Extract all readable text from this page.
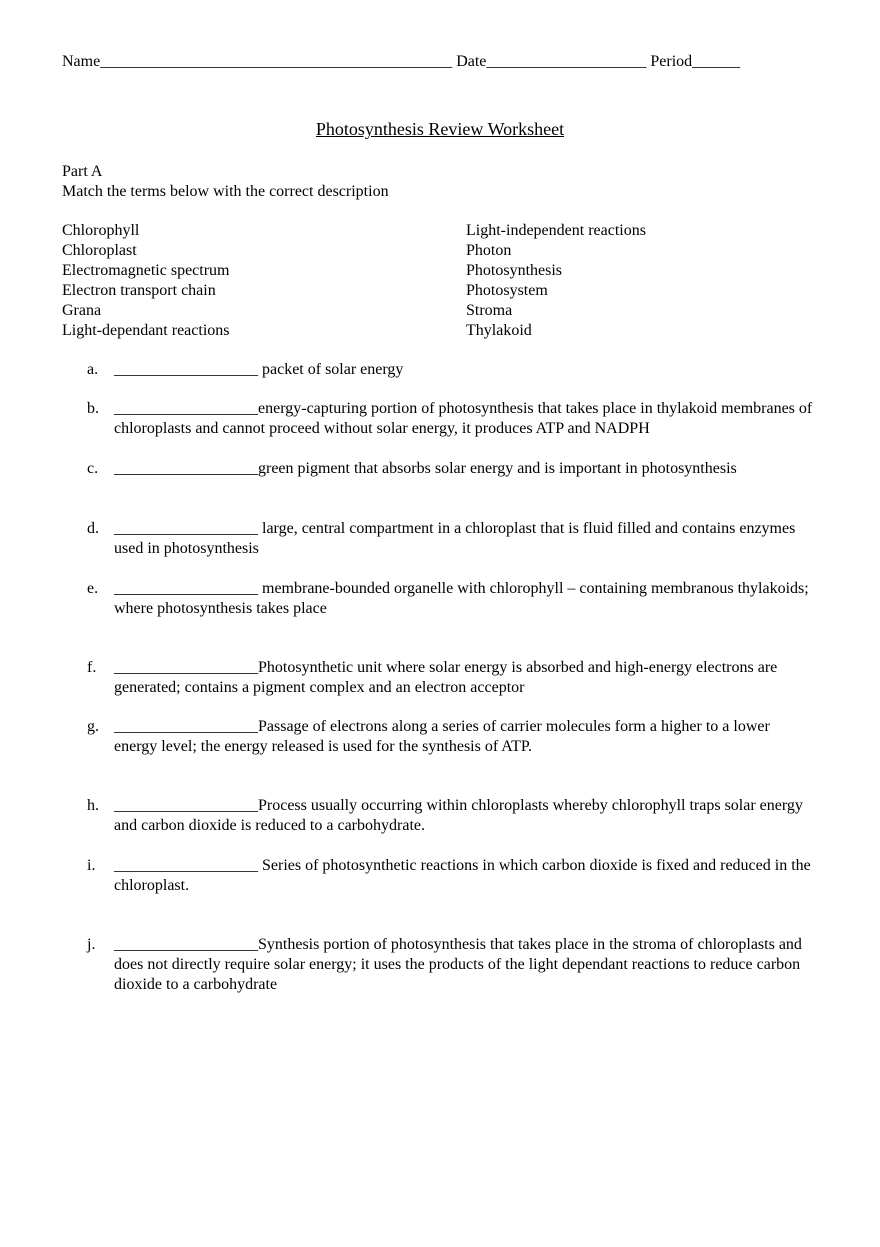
Name____________________________________________ Date____________________ Period______
Photosynthesis Review Worksheet
Part A
Match the terms below with the correct description
Chlorophyll
Chloroplast
Electromagnetic spectrum
Electron transport chain
Grana
Light-dependant reactions
Light-independent reactions
Photon
Photosynthesis
Photosystem
Stroma
Thylakoid
a. __________________ packet of solar energy
b. __________________energy-capturing portion of photosynthesis that takes place in thylakoid membranes of chloroplasts and cannot proceed without solar energy, it produces ATP and NADPH
c. __________________green pigment that absorbs solar energy and is important in photosynthesis
d. __________________ large, central compartment in a chloroplast that is fluid filled and contains enzymes used in photosynthesis
e. __________________ membrane-bounded organelle with chlorophyll – containing membranous thylakoids; where photosynthesis takes place
f. __________________Photosynthetic unit where solar energy is absorbed and high-energy electrons are generated; contains a pigment complex and an electron acceptor
g. __________________Passage of electrons along a series of carrier molecules form a higher to a lower energy level; the energy released is used for the synthesis of ATP.
h. __________________Process usually occurring within chloroplasts whereby chlorophyll traps solar energy and carbon dioxide is reduced to a carbohydrate.
i. __________________ Series of photosynthetic reactions in which carbon dioxide is fixed and reduced in the chloroplast.
j. __________________Synthesis portion of photosynthesis that takes place in the stroma of chloroplasts and does not directly require solar energy; it uses the products of the light dependant reactions to reduce carbon dioxide to a carbohydrate
